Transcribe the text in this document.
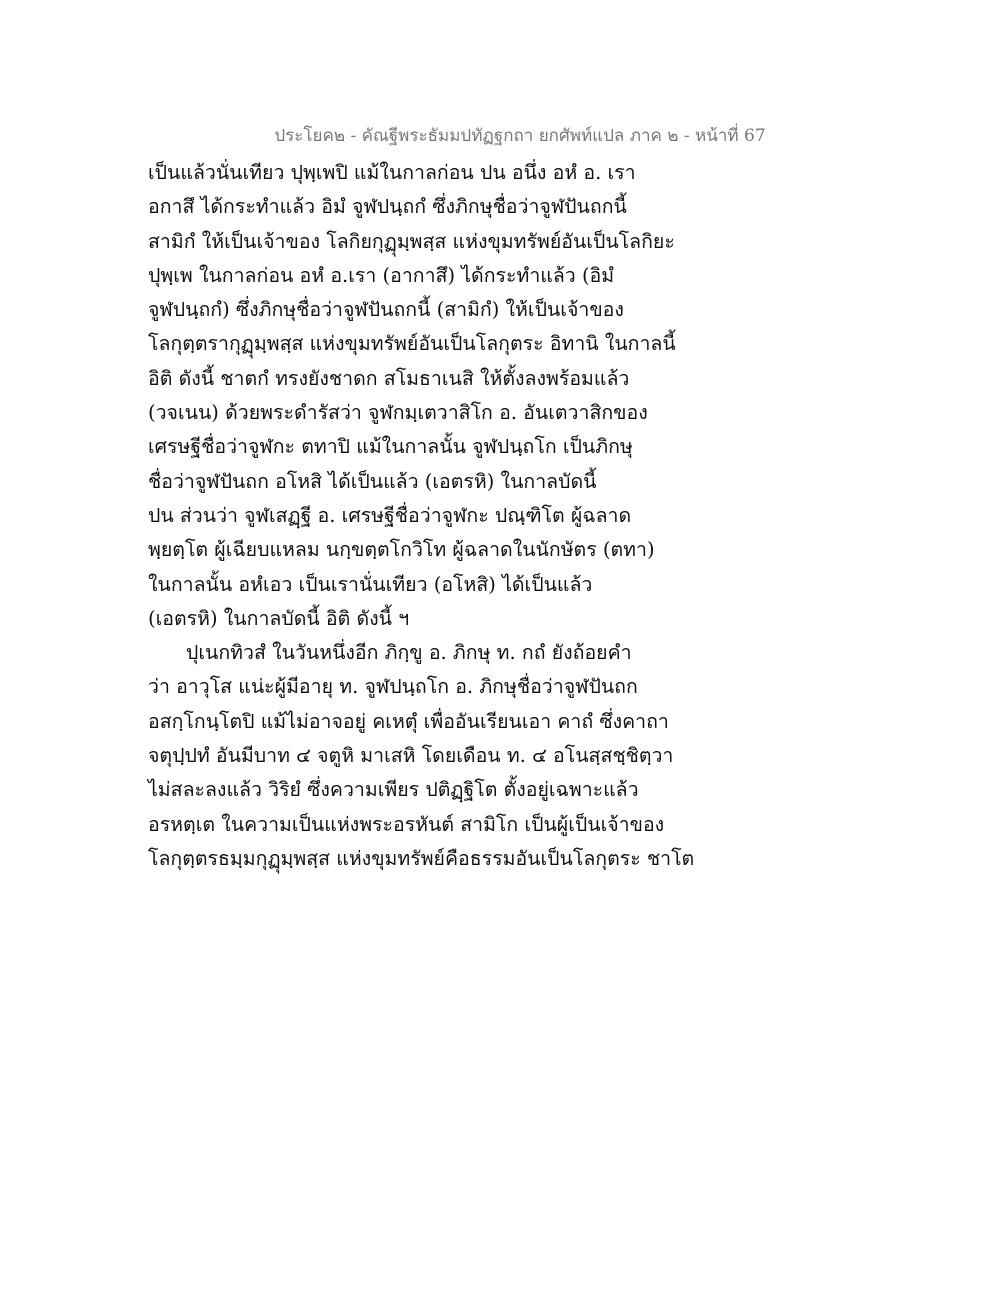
ประโยค๒ - คัณฐีพระธัมมปทัฏฐกถา ยกศัพท์แปล ภาค ๒ - หน้าที่ 67
เป็นแล้วนั่นเทียว ปุพฺเพปิ แม้ในกาลก่อน ปน อนึ่ง อหํ อ. เรา
อกาสึ ได้กระทำแล้ว อิมํ จูฬปนฺถกํ ซึ่งภิกษุชื่อว่าจูฬปันถกนี้
สามิกํ ให้เป็นเจ้าของ โลกิยกุฏุมฺพสฺส แห่งขุมทรัพย์อันเป็นโลกิยะ
ปุพฺเพ ในกาลก่อน อหํ อ.เรา (อากาสึ) ได้กระทำแล้ว (อิมํ
จูฬปนฺถกํ) ซึ่งภิกษุชื่อว่าจูฬปันถกนี้ (สามิกํ) ให้เป็นเจ้าของ
โลกุตฺตรากุฏุมฺพสฺส แห่งขุมทรัพย์อันเป็นโลกุตระ อิทานิ ในกาลนี้
อิติ ดังนี้ ชาตกํ ทรงยังชาดก สโมธาเนสิ ให้ตั้งลงพร้อมแล้ว
(วจเนน) ด้วยพระดำรัสว่า จูฬกมฺเตวาสิโก อ. อันเตวาสิกของ
เศรษฐีชื่อว่าจูฬกะ ตทาปิ แม้ในกาลนั้น จูฬปนฺถโก เป็นภิกษุ
ชื่อว่าจูฬปันถก อโหสิ ได้เป็นแล้ว (เอตรหิ) ในกาลบัดนี้
ปน ส่วนว่า จูฬเสฏฺฐี อ. เศรษฐีชื่อว่าจูฬกะ ปณฺฑิโต ผู้ฉลาด
พฺยตฺโต ผู้เฉียบแหลม นกฺขตฺตโกวิโท ผู้ฉลาดในนักษัตร (ตทา)
ในกาลนั้น อหํเอว เป็นเรานั่นเทียว (อโหสิ) ได้เป็นแล้ว
(เอตรหิ) ในกาลบัดนี้ อิติ ดังนี้ ฯ
ปุเนกทิวสํ ในวันหนึ่งอีก ภิกฺขู อ. ภิกษุ ท. กถํ ยังถ้อยคำ
ว่า อาวุโส แน่ะผู้มีอายุ ท. จูฬปนฺถโก อ. ภิกษุชื่อว่าจูฬปันถก
อสกฺโกนฺโตปิ แม้ไม่อาจอยู่ คเหตุํ เพื่ออันเรียนเอา คาถํ ซึ่งคาถา
จตุปฺปทํ อันมีบาท ๔ จตูหิ มาเสหิ โดยเดือน ท. ๔ อโนสฺสชฺชิตฺวา
ไม่สละลงแล้ว วิริยํ ซึ่งความเพียร ปติฏฺฐิโต ตั้งอยู่เฉพาะแล้ว
อรหตฺเต ในความเป็นแห่งพระอรหันต์ สามิโก เป็นผู้เป็นเจ้าของ
โลกุตฺตรธมฺมกุฏุมฺพสฺส แห่งขุมทรัพย์คือธรรมอันเป็นโลกุตระ ชาโต
